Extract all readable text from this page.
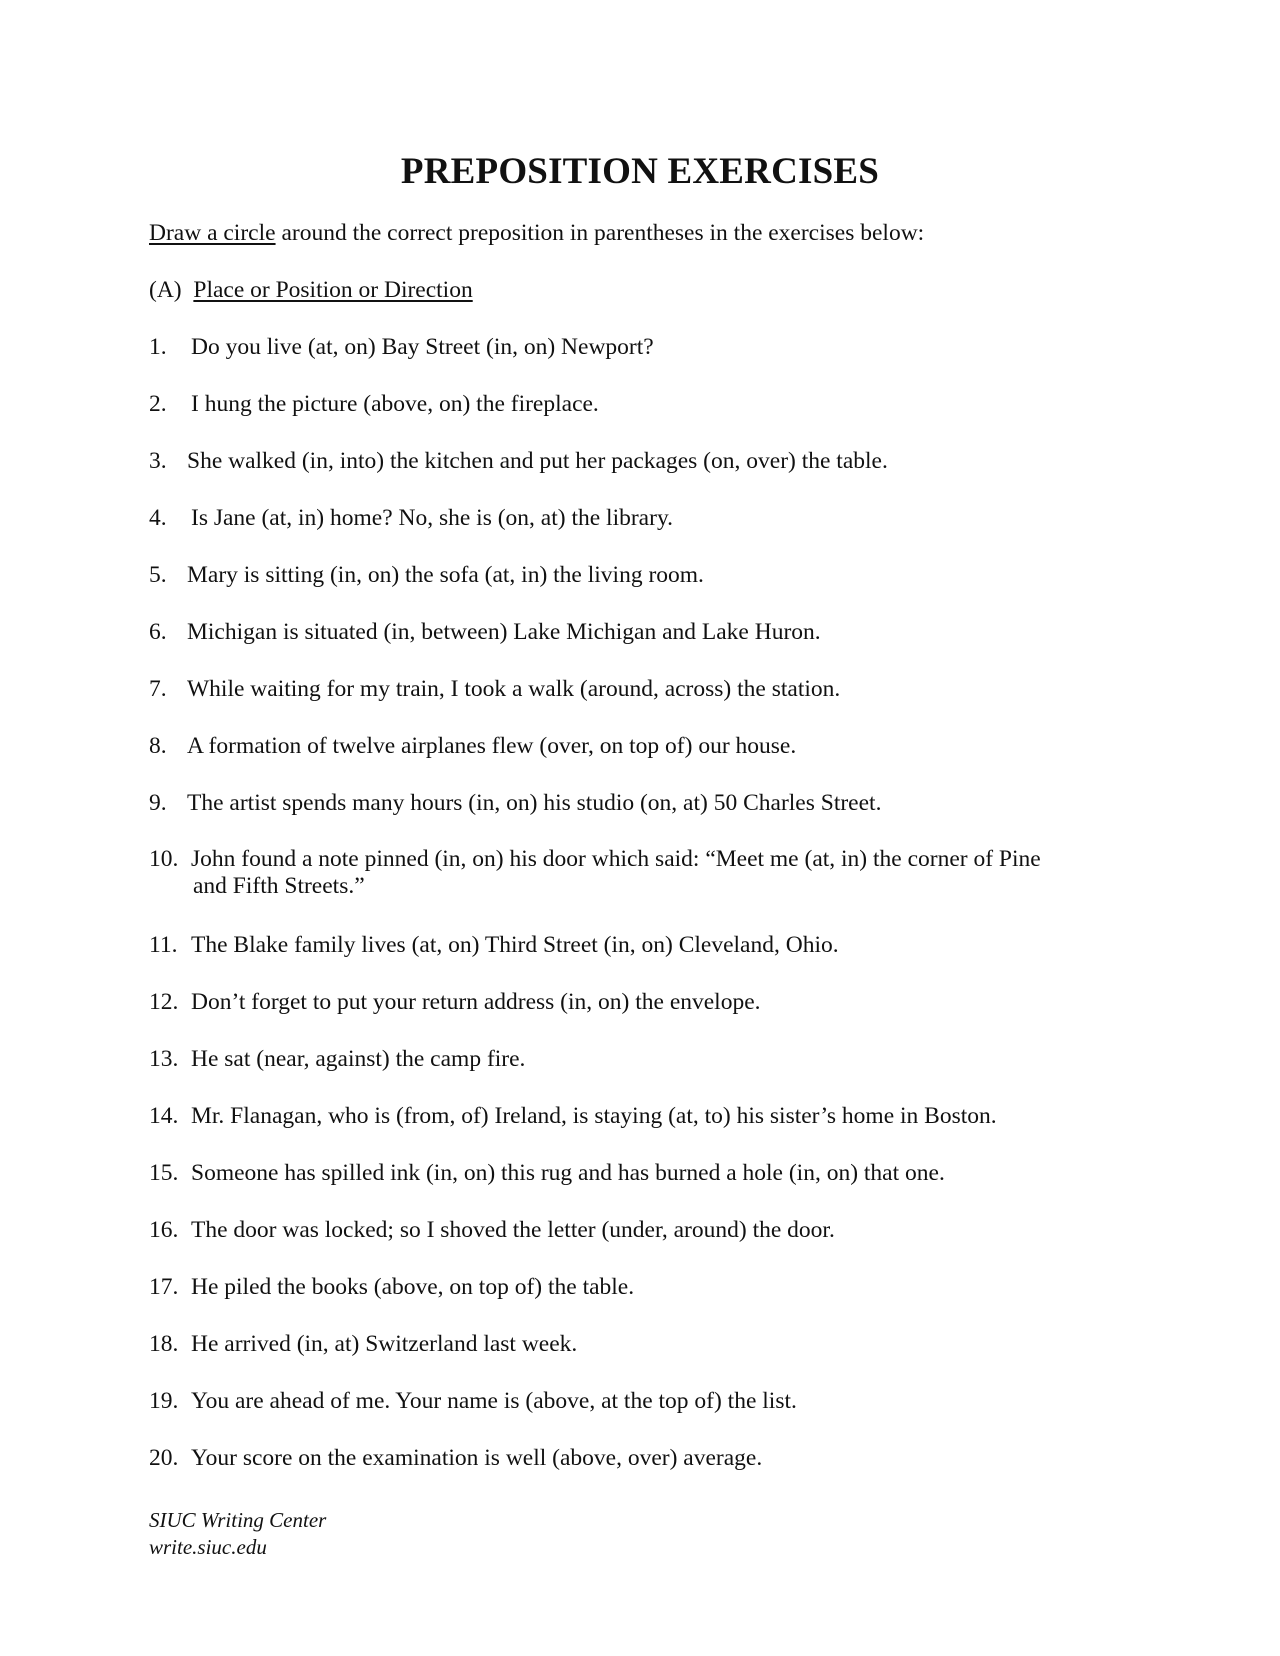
PREPOSITION EXERCISES
Draw a circle around the correct preposition in parentheses in the exercises below:
(A) Place or Position or Direction
1. Do you live (at, on) Bay Street (in, on) Newport?
2. I hung the picture (above, on) the fireplace.
3. She walked (in, into) the kitchen and put her packages (on, over) the table.
4. Is Jane (at, in) home? No, she is (on, at) the library.
5. Mary is sitting (in, on) the sofa (at, in) the living room.
6. Michigan is situated (in, between) Lake Michigan and Lake Huron.
7. While waiting for my train, I took a walk (around, across) the station.
8. A formation of twelve airplanes flew (over, on top of) our house.
9. The artist spends many hours (in, on) his studio (on, at) 50 Charles Street.
10. John found a note pinned (in, on) his door which said: “Meet me (at, in) the corner of Pine
and Fifth Streets.”
11. The Blake family lives (at, on) Third Street (in, on) Cleveland, Ohio.
12. Don’t forget to put your return address (in, on) the envelope.
13. He sat (near, against) the camp fire.
14. Mr. Flanagan, who is (from, of) Ireland, is staying (at, to) his sister’s home in Boston.
15. Someone has spilled ink (in, on) this rug and has burned a hole (in, on) that one.
16. The door was locked; so I shoved the letter (under, around) the door.
17. He piled the books (above, on top of) the table.
18. He arrived (in, at) Switzerland last week.
19. You are ahead of me. Your name is (above, at the top of) the list.
20. Your score on the examination is well (above, over) average.
SIUC Writing Center
write.siuc.edu
